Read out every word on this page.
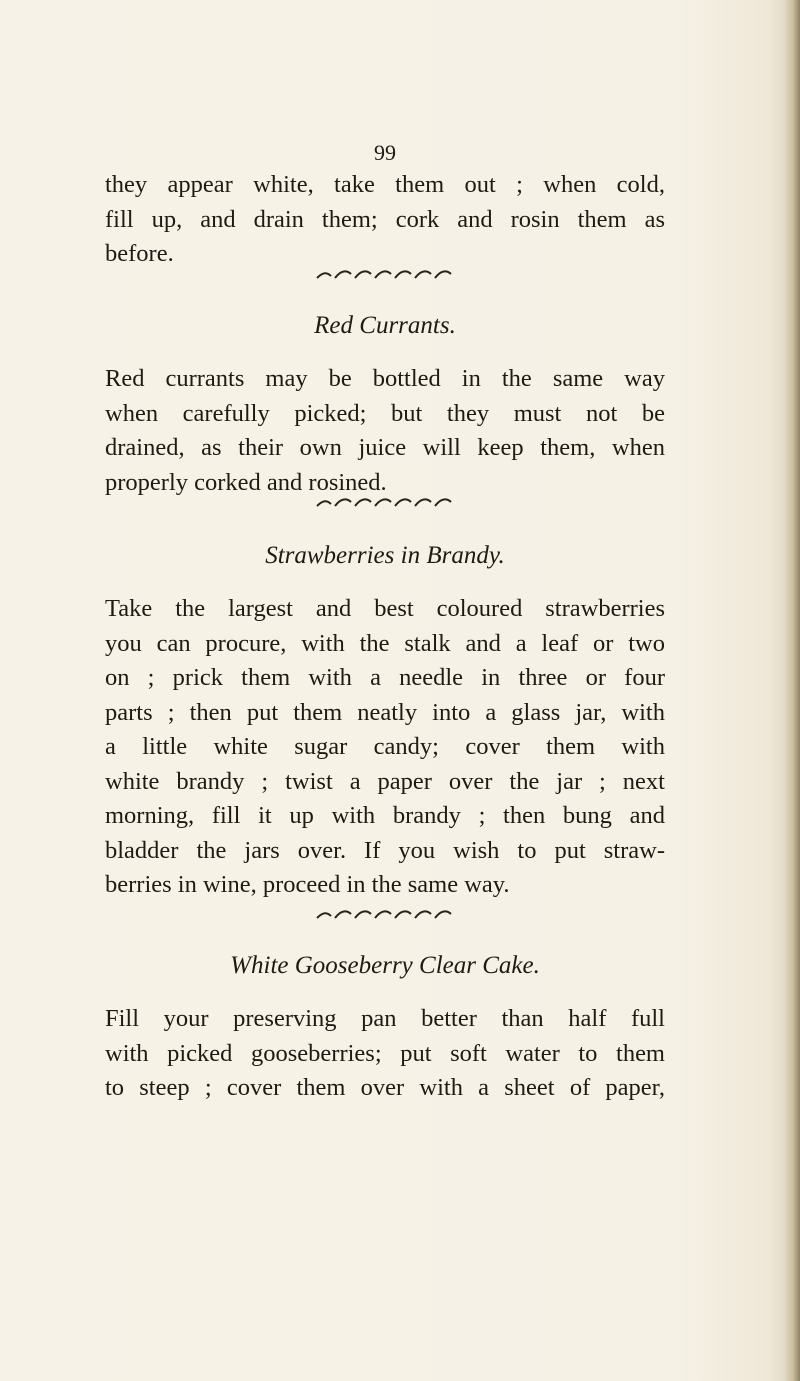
99
they appear white, take them out ; when cold,
fill up, and drain them; cork and rosin them as
before.
Red Currants.
Red currants may be bottled in the same way
when carefully picked; but they must not be
drained, as their own juice will keep them, when
properly corked and rosined.
Strawberries in Brandy.
Take the largest and best coloured strawberries
you can procure, with the stalk and a leaf or two
on ; prick them with a needle in three or four
parts ; then put them neatly into a glass jar, with
a little white sugar candy; cover them with
white brandy ; twist a paper over the jar ; next
morning, fill it up with brandy ; then bung and
bladder the jars over. If you wish to put straw-
berries in wine, proceed in the same way.
White Gooseberry Clear Cake.
Fill your preserving pan better than half full
with picked gooseberries; put soft water to them
to steep ; cover them over with a sheet of paper,
